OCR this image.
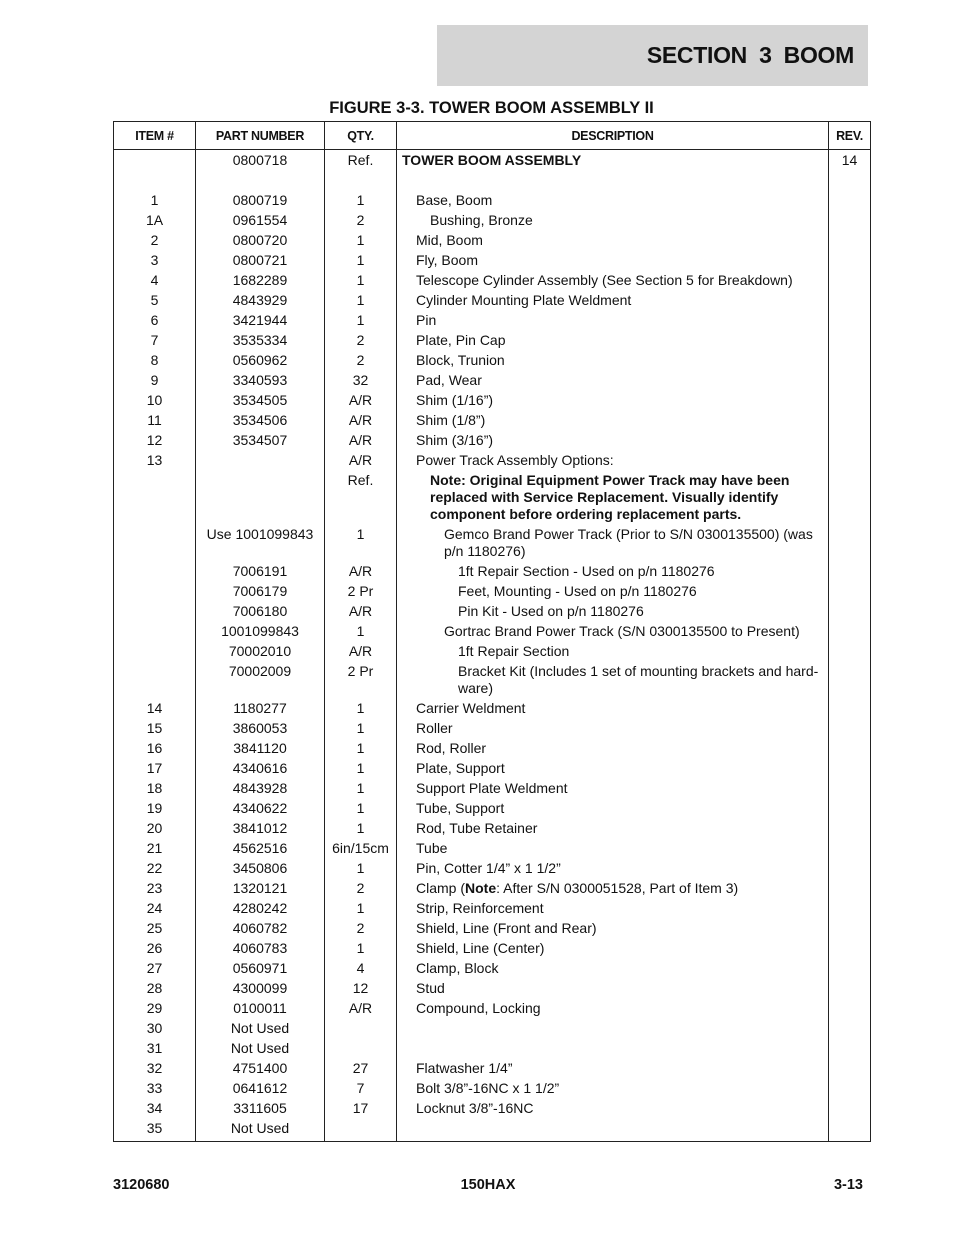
SECTION 3 BOOM
FIGURE 3-3. TOWER BOOM ASSEMBLY II
ITEM #	PART NUMBER	QTY.	DESCRIPTION	REV.
	0800718	Ref.	TOWER BOOM ASSEMBLY	14

1	0800719	1	Base, Boom	

1A	0961554	2	Bushing, Bronze	

2	0800720	1	Mid, Boom	

3	0800721	1	Fly, Boom	

4	1682289	1	Telescope Cylinder Assembly (See Section 5 for Breakdown)	

5	4843929	1	Cylinder Mounting Plate Weldment	

6	3421944	1	Pin	

7	3535334	2	Plate, Pin Cap	

8	0560962	2	Block, Trunion	

9	3340593	32	Pad, Wear	

10	3534505	A/R	Shim (1/16”)	

11	3534506	A/R	Shim (1/8”)	

12	3534507	A/R	Shim (3/16”)	

13		A/R	Power Track Assembly Options:	

		Ref.	Note: Original Equipment Power Track may have been replaced with Service Replacement. Visually identify component before ordering replacement parts.	

	Use 1001099843	1	Gemco Brand Power Track (Prior to S/N 0300135500) (was p/n 1180276)	

	7006191	A/R	1ft Repair Section - Used on p/n 1180276	

	7006179	2 Pr	Feet, Mounting - Used on p/n 1180276	

	7006180	A/R	Pin Kit - Used on p/n 1180276	

	1001099843	1	Gortrac Brand Power Track (S/N 0300135500 to Present)	

	70002010	A/R	1ft Repair Section	

	70002009	2 Pr	Bracket Kit (Includes 1 set of mounting brackets and hard-ware)	

14	1180277	1	Carrier Weldment	

15	3860053	1	Roller	

16	3841120	1	Rod, Roller	

17	4340616	1	Plate, Support	

18	4843928	1	Support Plate Weldment	

19	4340622	1	Tube, Support	

20	3841012	1	Rod, Tube Retainer	

21	4562516	6in/15cm	Tube	

22	3450806	1	Pin, Cotter 1/4” x 1 1/2”	

23	1320121	2	Clamp (Note: After S/N 0300051528, Part of Item 3)	

24	4280242	1	Strip, Reinforcement	

25	4060782	2	Shield, Line (Front and Rear)	

26	4060783	1	Shield, Line (Center)	

27	0560971	4	Clamp, Block	

28	4300099	12	Stud	

29	0100011	A/R	Compound, Locking	

30	Not Used		

31	Not Used		

32	4751400	27	Flatwasher 1/4”	

33	0641612	7	Bolt 3/8”-16NC x 1 1/2”	

34	3311605	17	Locknut 3/8”-16NC	

35	Not Used		

3120680	150HAX	3-13
